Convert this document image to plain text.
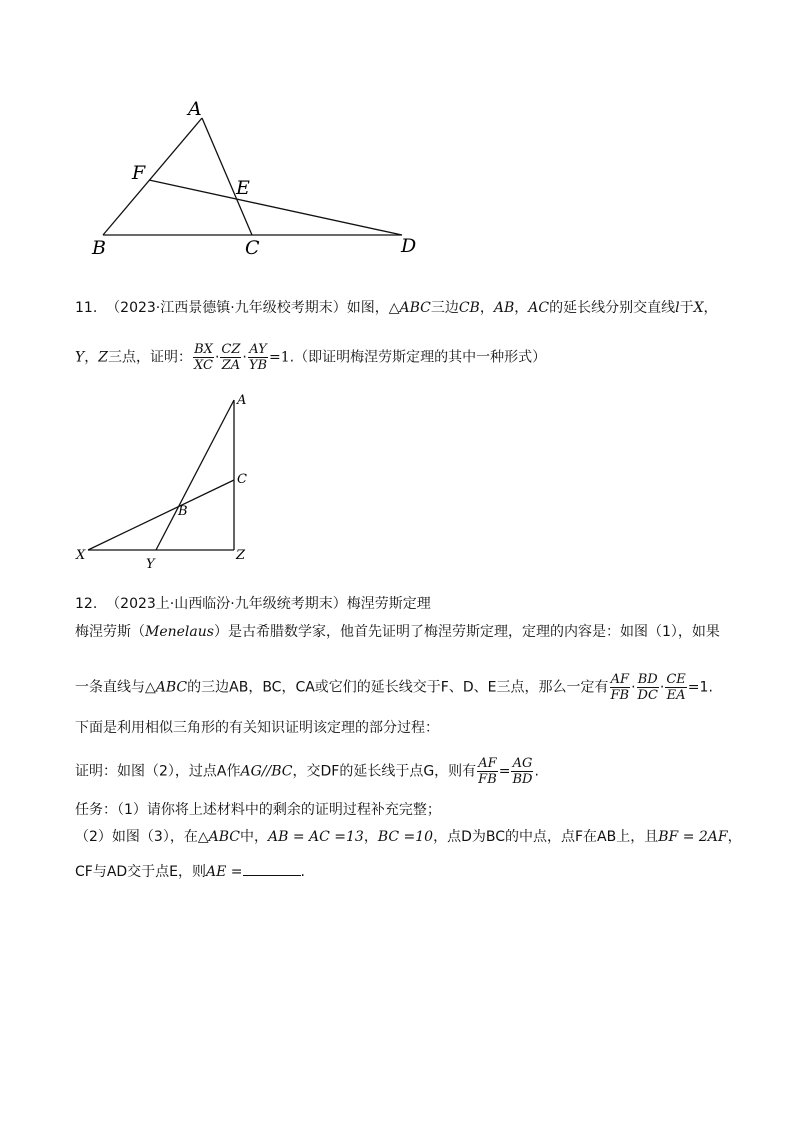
A
F
E
B	C	D
11. （2023·江西景德镇·九年级校考期末）如图，△ABC三边CB，AB，AC的延长线分别交直线l于X，
Y，Z三点，证明： $\frac{BX}{XC} \cdot \frac{CZ}{ZA} \cdot \frac{AY}{YB} =1$.（即证明梅涅劳斯定理的其中一种形式）
A
C
B
X
Y
Z
12. （2023上·山西临汾·九年级统考期末）梅涅劳斯定理
梅涅劳斯（Menelaus）是古希腊数学家，他首先证明了梅涅劳斯定理，定理的内容是：如图（1），如果
一条直线与△ABC的三边AB，BC，CA或它们的延长线交于F、D、E三点，那么一定有 $\frac{AF}{FB} \cdot \frac{BD}{DC} \cdot \frac{CE}{EA} =1$.
下面是利用相似三角形的有关知识证明该定理的部分过程：
证明：如图（2），过点A作AG//BC，交DF的延长线于点G，则有 $\frac{AF}{FB} = \frac{AG}{BD}$ .
任务：（1）请你将上述材料中的剩余的证明过程补充完整；
（2）如图（3），在△ABC中，AB = AC =13，BC =10，点D为BC的中点，点F在AB上，且BF = 2AF，
CF与AD交于点E，则AE =	.
